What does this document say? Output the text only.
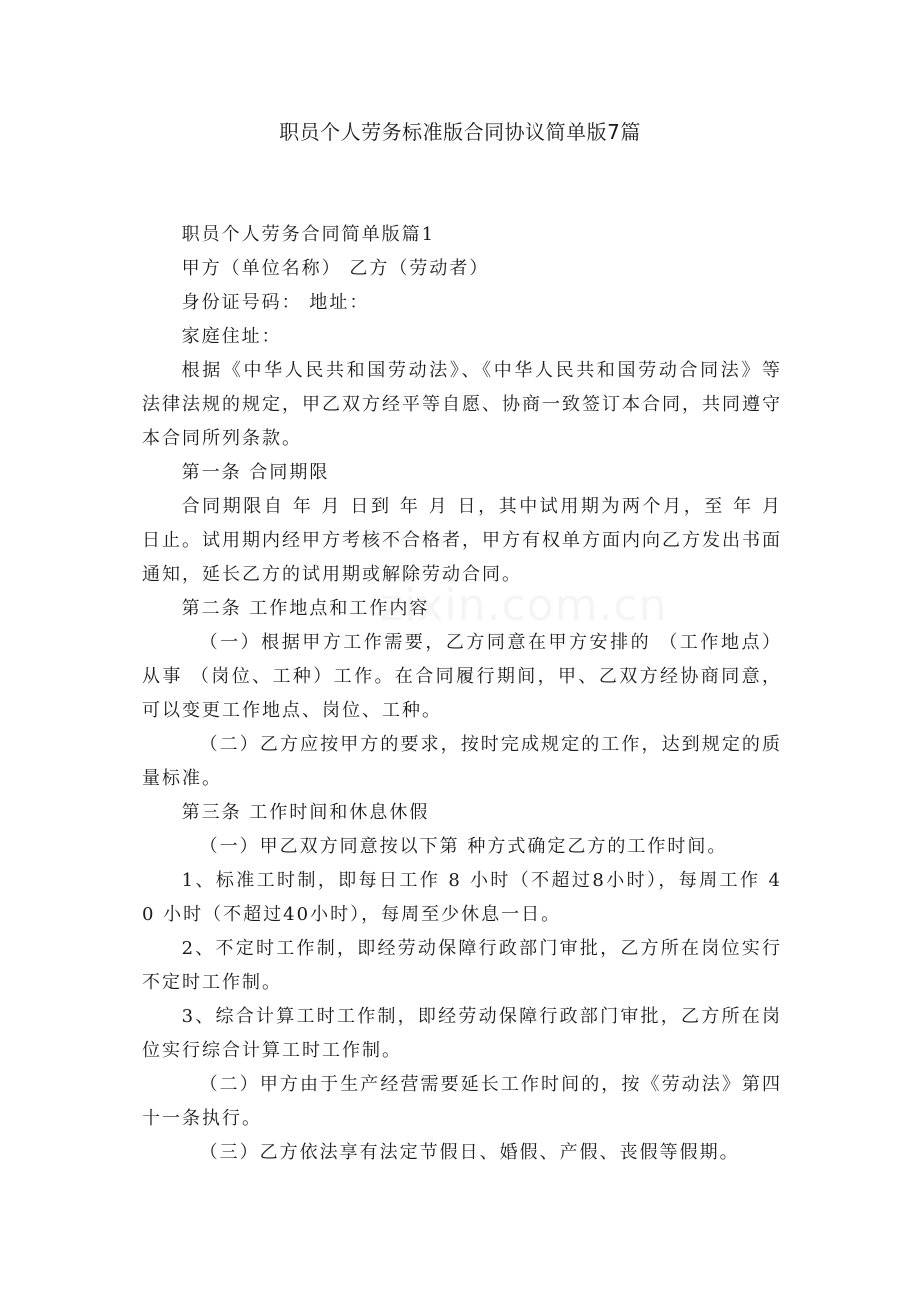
zixin.com.cn
职员个人劳务标准版合同协议简单版7篇

职员个人劳务合同简单版篇1

甲方（单位名称） 乙方（劳动者）

身份证号码： 地址：

家庭住址：

根据《中华人民共和国劳动法》、《中华人民共和国劳动合同法》等法律法规的规定，甲乙双方经平等自愿、协商一致签订本合同，共同遵守本合同所列条款。

第一条 合同期限

合同期限自 年 月 日到 年 月 日，其中试用期为两个月，至 年 月 日止。试用期内经甲方考核不合格者，甲方有权单方面内向乙方发出书面通知，延长乙方的试用期或解除劳动合同。

第二条 工作地点和工作内容

（一）根据甲方工作需要，乙方同意在甲方安排的 （工作地点）从事 （岗位、工种）工作。在合同履行期间，甲、乙双方经协商同意，可以变更工作地点、岗位、工种。

（二）乙方应按甲方的要求，按时完成规定的工作，达到规定的质量标准。

第三条 工作时间和休息休假

（一）甲乙双方同意按以下第 种方式确定乙方的工作时间。

1、标准工时制，即每日工作 8 小时（不超过8小时），每周工作 40 小时（不超过40小时），每周至少休息一日。

2、不定时工作制，即经劳动保障行政部门审批，乙方所在岗位实行不定时工作制。

3、综合计算工时工作制，即经劳动保障行政部门审批，乙方所在岗位实行综合计算工时工作制。

（二）甲方由于生产经营需要延长工作时间的，按《劳动法》第四十一条执行。

（三）乙方依法享有法定节假日、婚假、产假、丧假等假期。
